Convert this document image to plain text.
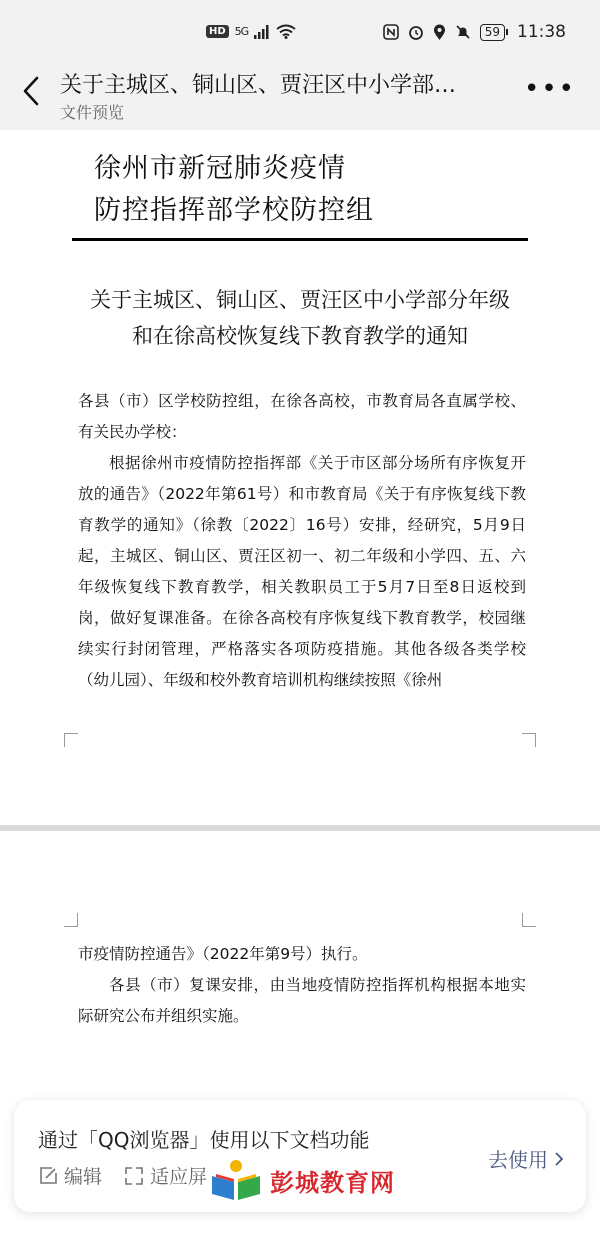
HD 5G	59 11:38
关于主城区、铜山区、贾汪区中小学部…
文件预览
•••
徐州市新冠肺炎疫情
防控指挥部学校防控组
关于主城区、铜山区、贾汪区中小学部分年级
和在徐高校恢复线下教育教学的通知

各县（市）区学校防控组，在徐各高校，市教育局各直属学校、有关民办学校：

根据徐州市疫情防控指挥部《关于市区部分场所有序恢复开放的通告》（2022年第61号）和市教育局《关于有序恢复线下教育教学的通知》（徐教〔2022〕16号）安排，经研究，5月9日起，主城区、铜山区、贾汪区初一、初二年级和小学四、五、六年级恢复线下教育教学，相关教职员工于5月7日至8日返校到岗，做好复课准备。在徐各高校有序恢复线下教育教学，校园继续实行封闭管理，严格落实各项防疫措施。其他各级各类学校（幼儿园）、年级和校外教育培训机构继续按照《徐州

市疫情防控通告》（2022年第9号）执行。

各县（市）复课安排，由当地疫情防控指挥机构根据本地实际研究公布并组织实施。

通过「QQ浏览器」使用以下文档功能
编辑	适应屏
去使用
彭城教育网
